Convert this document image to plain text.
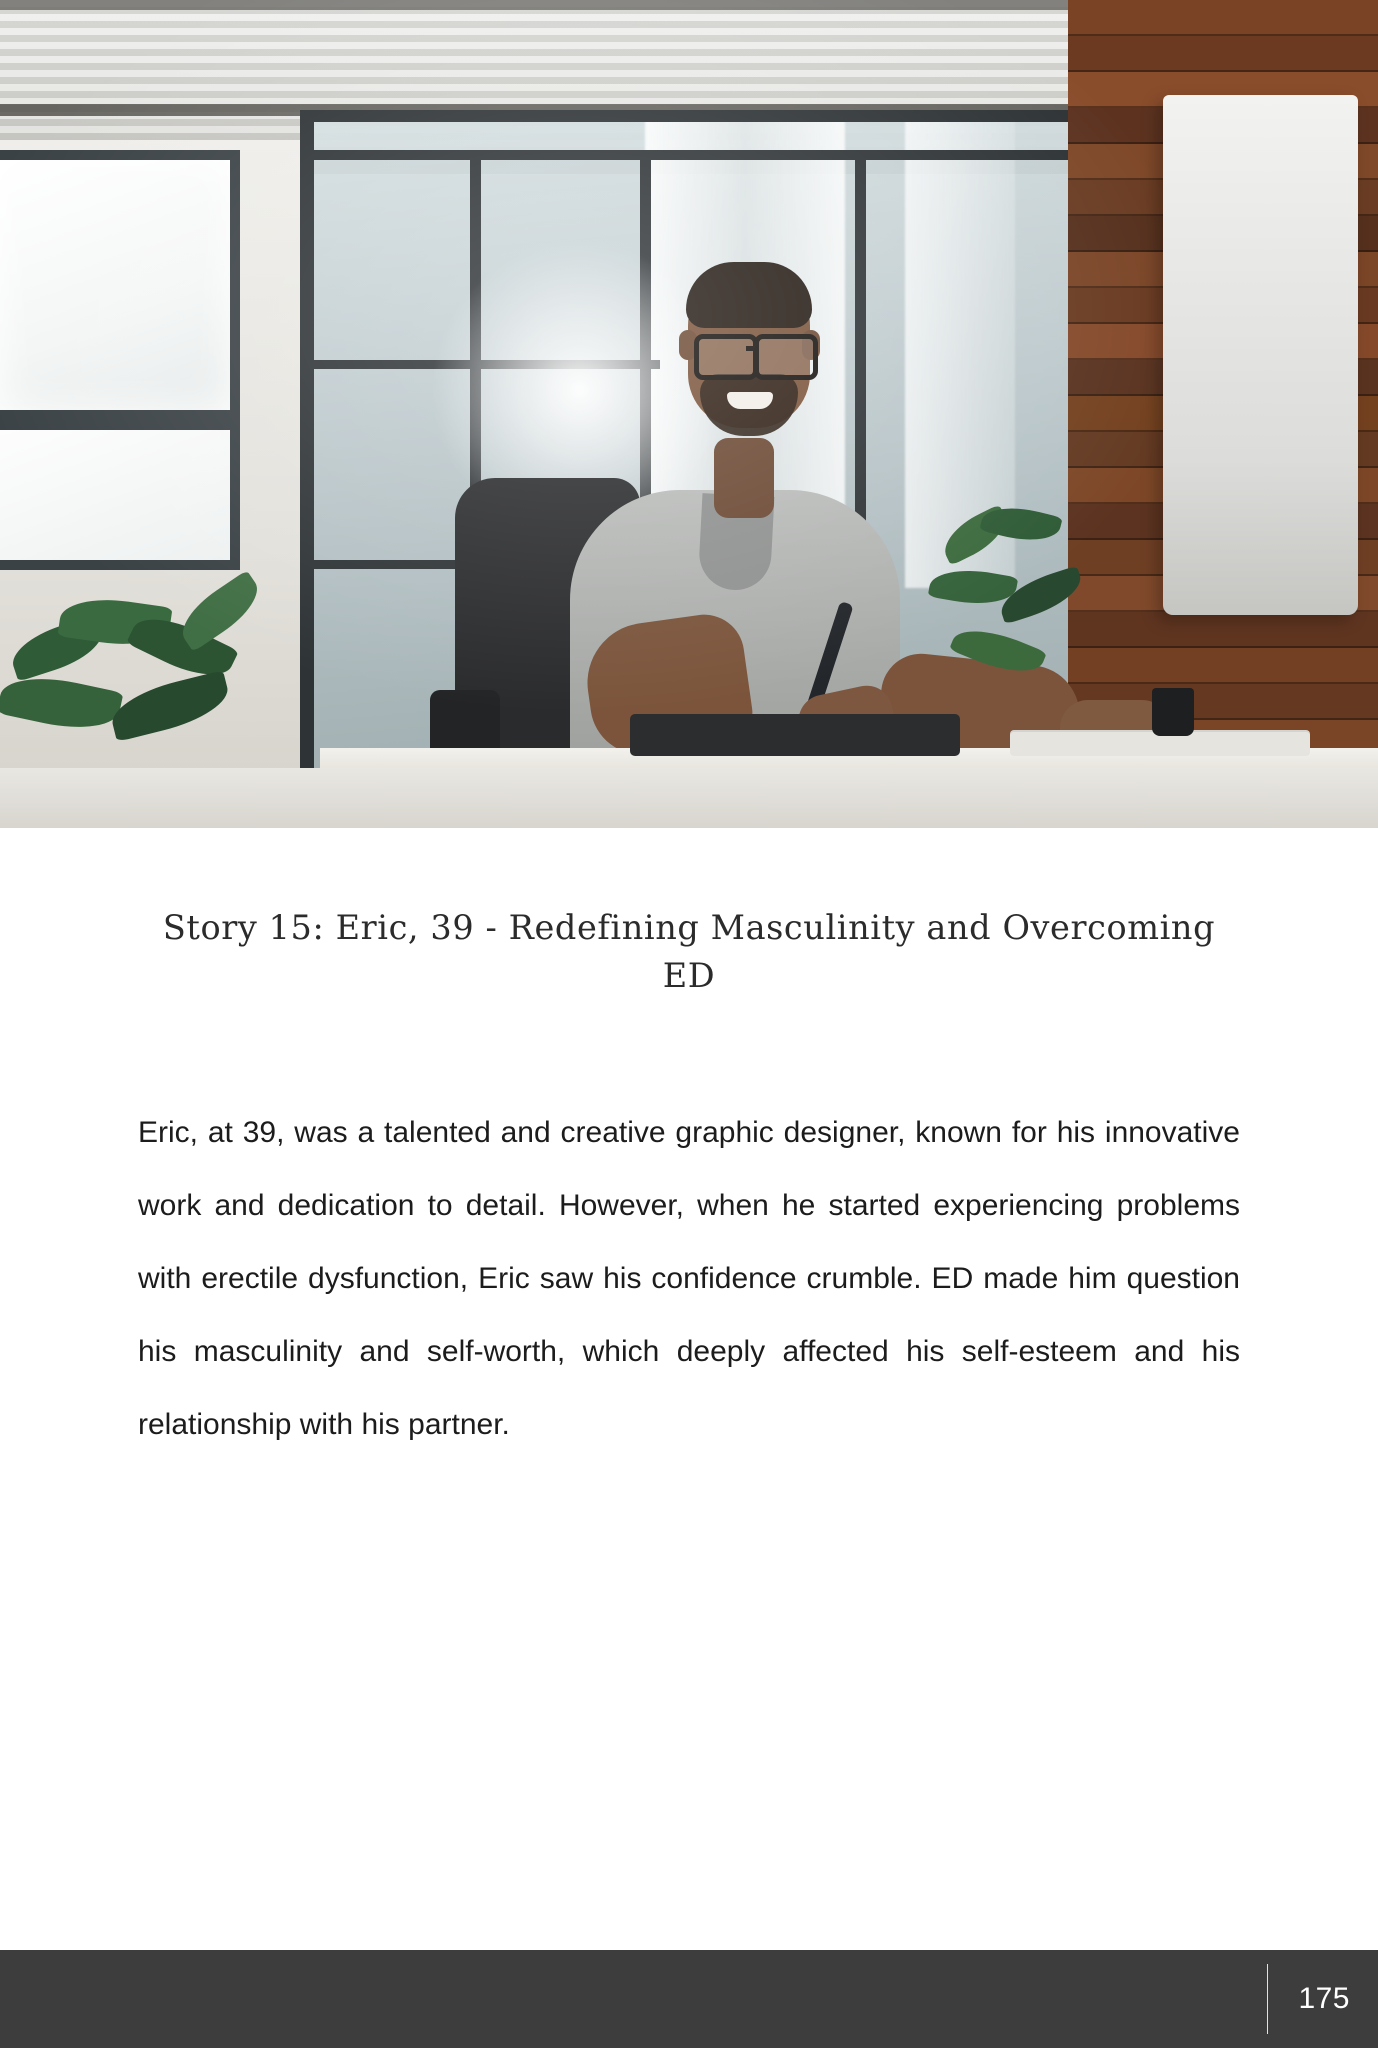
Story 15: Eric, 39 - Redefining Masculinity and Overcoming ED

Eric, at 39, was a talented and creative graphic designer, known for his innovative work and dedication to detail. However, when he started experiencing problems with erectile dysfunction, Eric saw his confidence crumble. ED made him question his masculinity and self-worth, which deeply affected his self-esteem and his relationship with his partner.

175
